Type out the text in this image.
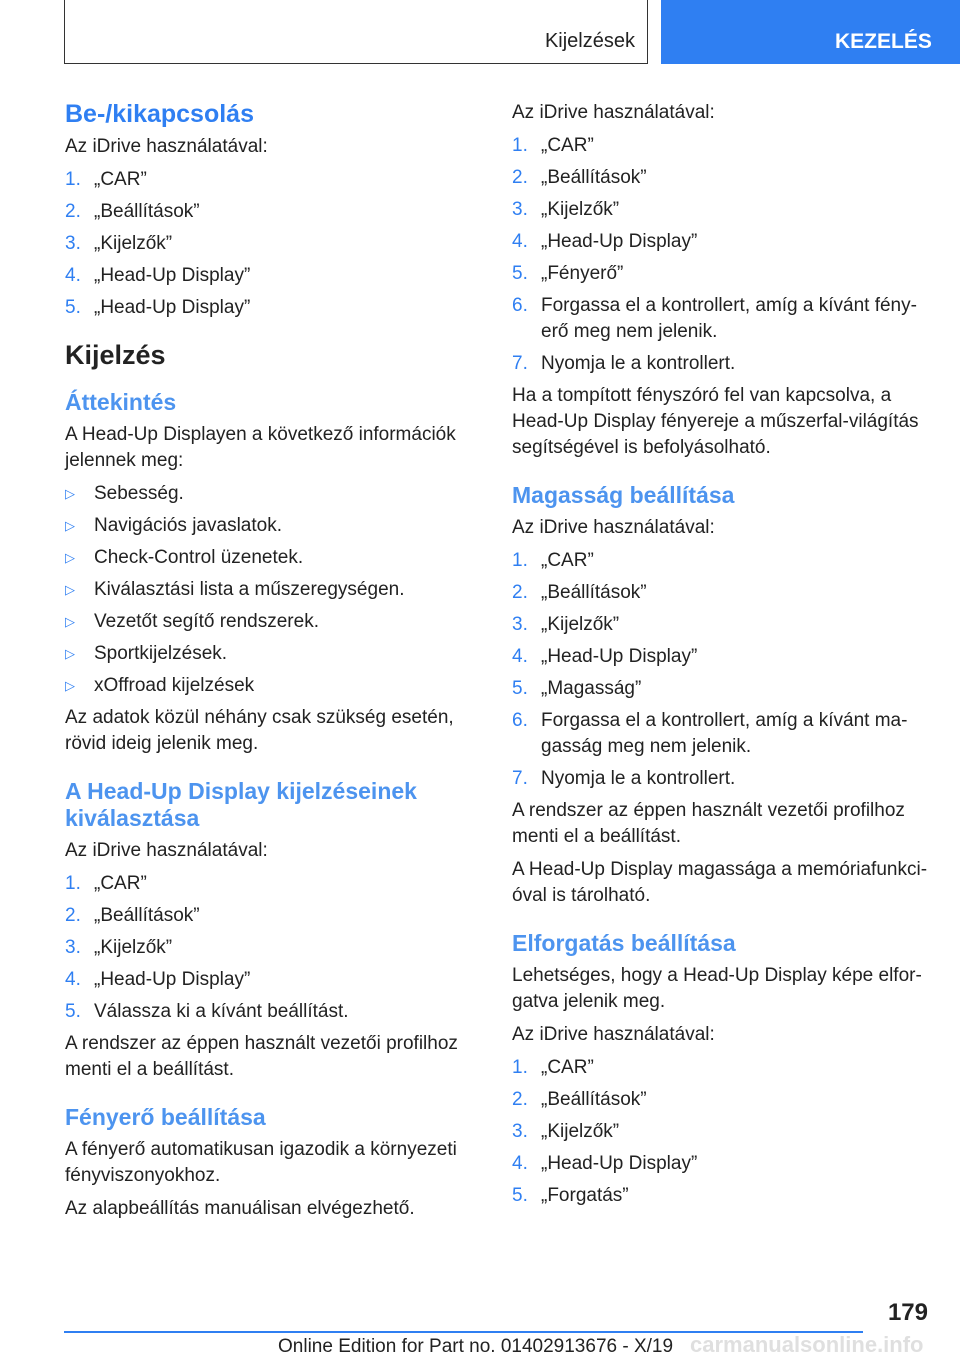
Kijelzések	KEZELÉS
Be-/kikapcsolás

Az iDrive használatával:

1. „CAR”
2. „Beállítások”
3. „Kijelzők”
4. „Head-Up Display”
5. „Head-Up Display”
Kijelzés
Áttekintés

A Head-Up Displayen a következő információk jelennek meg:

▷ Sebesség.
▷ Navigációs javaslatok.
▷ Check-Control üzenetek.
▷ Kiválasztási lista a műszeregységen.
▷ Vezetőt segítő rendszerek.
▷ Sportkijelzések.
▷ xOffroad kijelzések

Az adatok közül néhány csak szükség esetén, rövid ideig jelenik meg.

A Head-Up Display kijelzéseinek kiválasztása

Az iDrive használatával:

1. „CAR”
2. „Beállítások”
3. „Kijelzők”
4. „Head-Up Display”
5. Válassza ki a kívánt beállítást.

A rendszer az éppen használt vezetői profilhoz menti el a beállítást.

Fényerő beállítása

A fényerő automatikusan igazodik a környezeti fényviszonyokhoz.

Az alapbeállítás manuálisan elvégezhető.

Az iDrive használatával:

1. „CAR”
2. „Beállítások”
3. „Kijelzők”
4. „Head-Up Display”
5. „Fényerő”
6. Forgassa el a kontrollert, amíg a kívánt fényerő meg nem jelenik.
7. Nyomja le a kontrollert.

Ha a tompított fényszóró fel van kapcsolva, a Head-Up Display fényereje a műszerfal-világítás segítségével is befolyásolható.

Magasság beállítása

Az iDrive használatával:

1. „CAR”
2. „Beállítások”
3. „Kijelzők”
4. „Head-Up Display”
5. „Magasság”
6. Forgassa el a kontrollert, amíg a kívánt magasság meg nem jelenik.
7. Nyomja le a kontrollert.

A rendszer az éppen használt vezetői profilhoz menti el a beállítást.

A Head-Up Display magassága a memóriafunkcióval is tárolható.

Elforgatás beállítása

Lehetséges, hogy a Head-Up Display képe elforgatva jelenik meg.

Az iDrive használatával:

1. „CAR”
2. „Beállítások”
3. „Kijelzők”
4. „Head-Up Display”
5. „Forgatás”
179
Online Edition for Part no. 01402913676 - X/19 carmanualsonline.info
